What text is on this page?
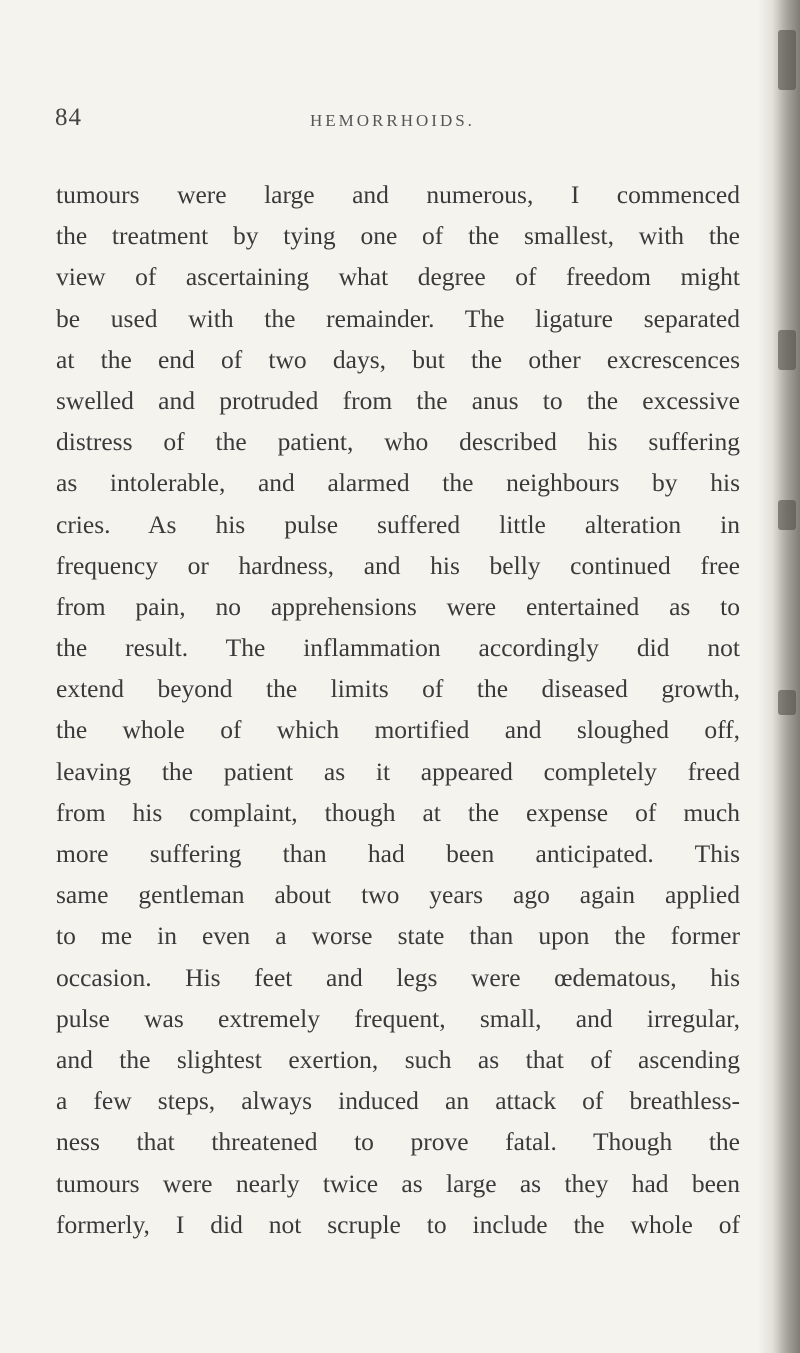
84	HEMORRHOIDS.
tumours were large and numerous, I commenced
the treatment by tying one of the smallest, with the
view of ascertaining what degree of freedom might
be used with the remainder. The ligature separated
at the end of two days, but the other excrescences
swelled and protruded from the anus to the excessive
distress of the patient, who described his suffering
as intolerable, and alarmed the neighbours by his
cries. As his pulse suffered little alteration in
frequency or hardness, and his belly continued free
from pain, no apprehensions were entertained as to
the result. The inflammation accordingly did not
extend beyond the limits of the diseased growth,
the whole of which mortified and sloughed off,
leaving the patient as it appeared completely freed
from his complaint, though at the expense of much
more suffering than had been anticipated. This
same gentleman about two years ago again applied
to me in even a worse state than upon the former
occasion. His feet and legs were œdematous, his
pulse was extremely frequent, small, and irregular,
and the slightest exertion, such as that of ascending
a few steps, always induced an attack of breathless-
ness that threatened to prove fatal. Though the
tumours were nearly twice as large as they had been
formerly, I did not scruple to include the whole of
